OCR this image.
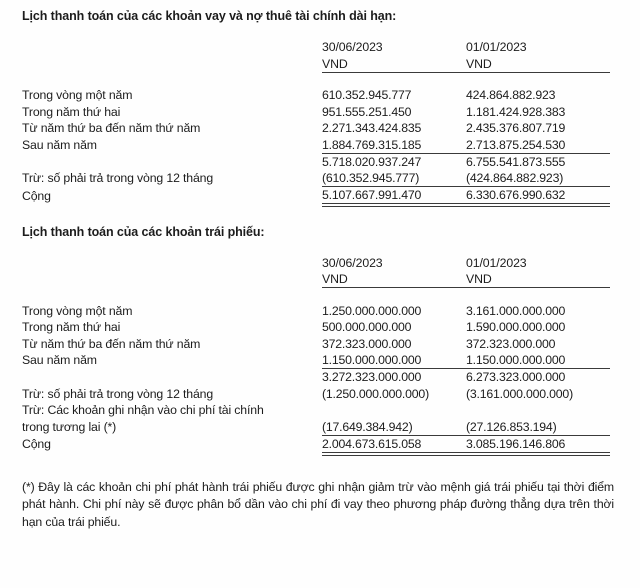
Lịch thanh toán của các khoản vay và nợ thuê tài chính dài hạn:
	30/06/2023	01/01/2023
	VND	VND

Trong vòng một năm	610.352.945.777	424.864.882.923
Trong năm thứ hai	951.555.251.450	1.181.424.928.383
Từ năm thứ ba đến năm thứ năm	2.271.343.424.835	2.435.376.807.719
Sau năm năm	1.884.769.315.185	2.713.875.254.530
	5.718.020.937.247	6.755.541.873.555
Trừ: số phải trả trong vòng 12 tháng	(610.352.945.777)	(424.864.882.923)
Cộng	5.107.667.991.470	6.330.676.990.632
Lịch thanh toán của các khoản trái phiếu:
	30/06/2023	01/01/2023
	VND	VND

Trong vòng một năm	1.250.000.000.000	3.161.000.000.000
Trong năm thứ hai	500.000.000.000	1.590.000.000.000
Từ năm thứ ba đến năm thứ năm	372.323.000.000	372.323.000.000
Sau năm năm	1.150.000.000.000	1.150.000.000.000
	3.272.323.000.000	6.273.323.000.000
Trừ: số phải trả trong vòng 12 tháng	(1.250.000.000.000)	(3.161.000.000.000)
Trừ: Các khoản ghi nhận vào chi phí tài chính		
trong tương lai (*)	(17.649.384.942)	(27.126.853.194)
Cộng	2.004.673.615.058	3.085.196.146.806
(*) Đây là các khoản chi phí phát hành trái phiếu được ghi nhận giảm trừ vào mệnh giá trái phiếu tại thời điểm phát hành. Chi phí này sẽ được phân bổ dần vào chi phí đi vay theo phương pháp đường thẳng dựa trên thời hạn của trái phiếu.
